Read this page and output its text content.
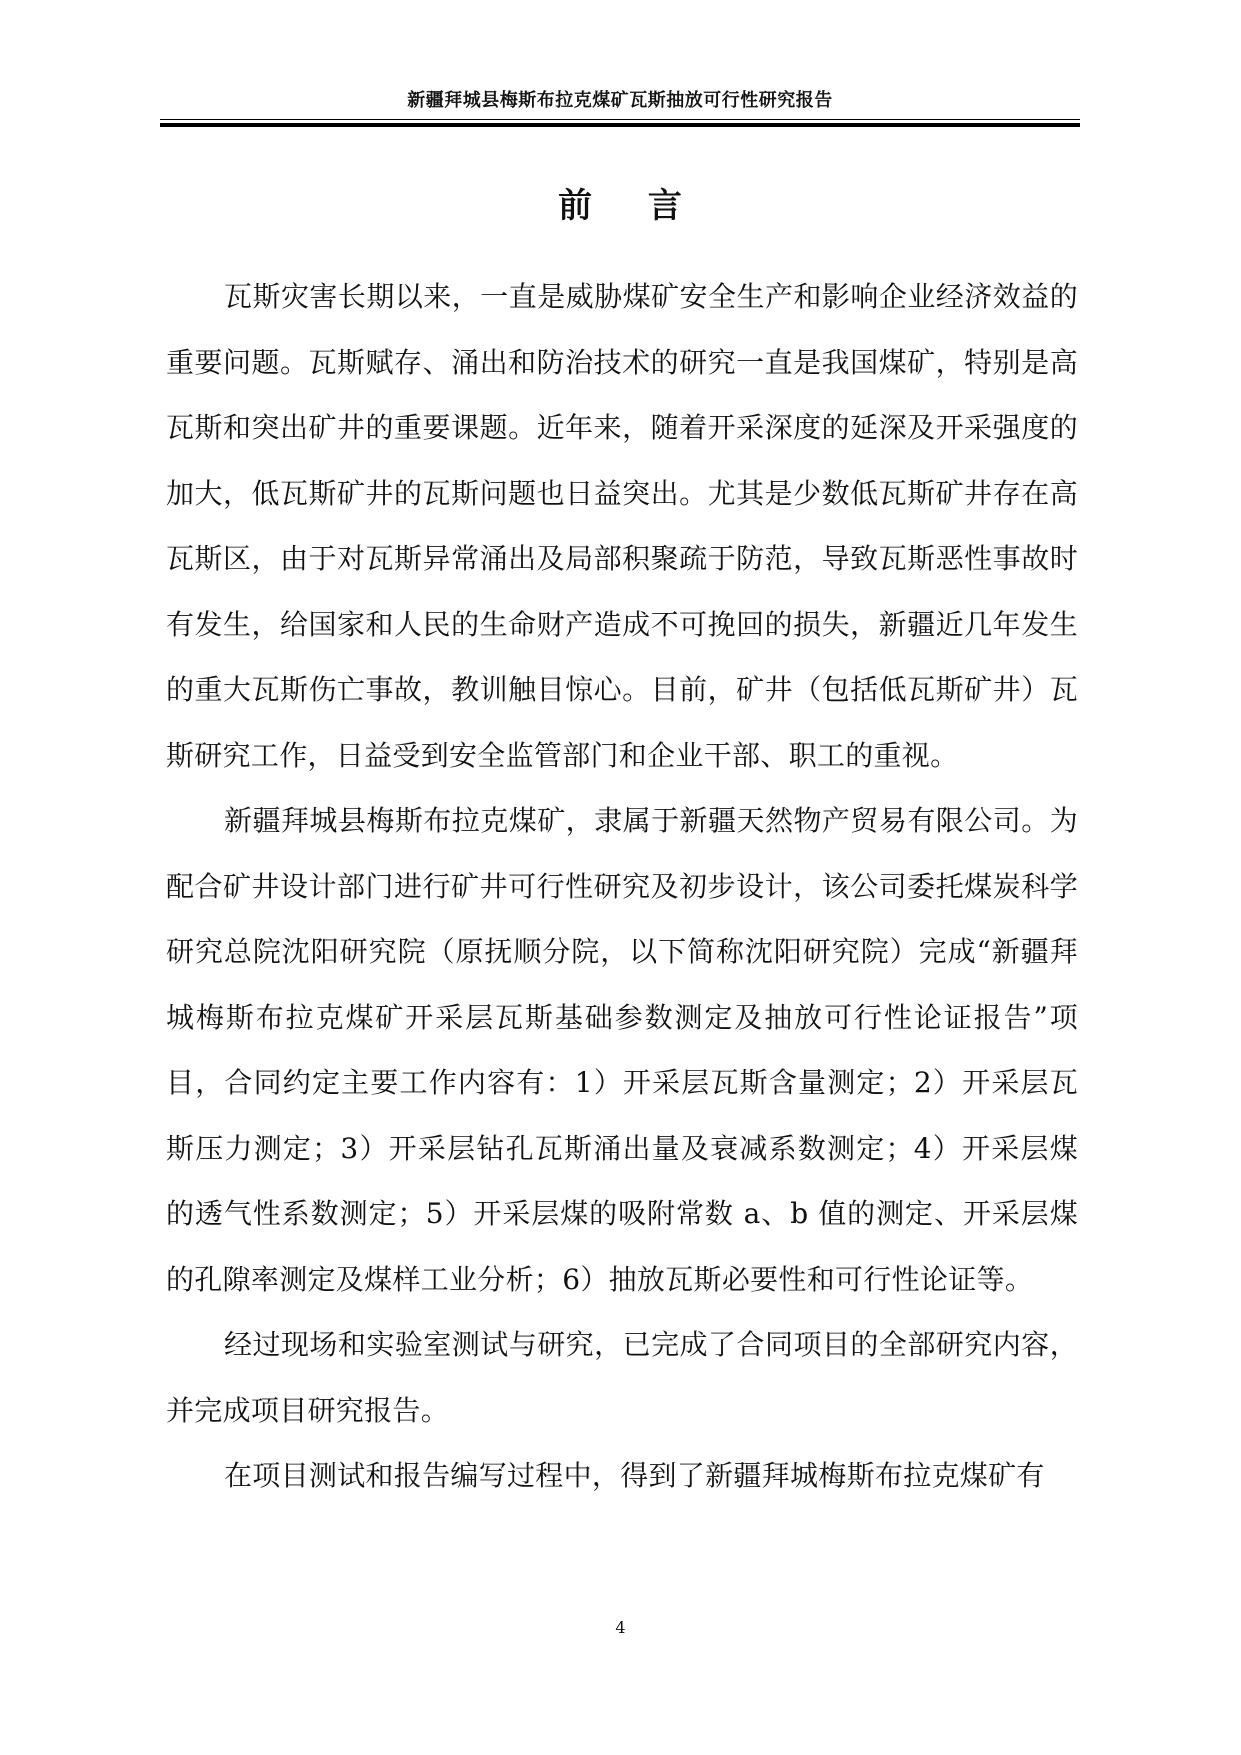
新疆拜城县梅斯布拉克煤矿瓦斯抽放可行性研究报告
前 言

瓦斯灾害长期以来，一直是威胁煤矿安全生产和影响企业经济效益的重要问题。瓦斯赋存、涌出和防治技术的研究一直是我国煤矿，特别是高瓦斯和突出矿井的重要课题。近年来，随着开采深度的延深及开采强度的加大，低瓦斯矿井的瓦斯问题也日益突出。尤其是少数低瓦斯矿井存在高瓦斯区，由于对瓦斯异常涌出及局部积聚疏于防范，导致瓦斯恶性事故时有发生，给国家和人民的生命财产造成不可挽回的损失，新疆近几年发生的重大瓦斯伤亡事故，教训触目惊心。目前，矿井（包括低瓦斯矿井）瓦斯研究工作，日益受到安全监管部门和企业干部、职工的重视。

新疆拜城县梅斯布拉克煤矿，隶属于新疆天然物产贸易有限公司。为配合矿井设计部门进行矿井可行性研究及初步设计，该公司委托煤炭科学研究总院沈阳研究院（原抚顺分院，以下简称沈阳研究院）完成“新疆拜城梅斯布拉克煤矿开采层瓦斯基础参数测定及抽放可行性论证报告”项目，合同约定主要工作内容有：1）开采层瓦斯含量测定；2）开采层瓦斯压力测定；3）开采层钻孔瓦斯涌出量及衰减系数测定；4）开采层煤的透气性系数测定；5）开采层煤的吸附常数 a、b 值的测定、开采层煤的孔隙率测定及煤样工业分析；6）抽放瓦斯必要性和可行性论证等。

经过现场和实验室测试与研究，已完成了合同项目的全部研究内容，并完成项目研究报告。

在项目测试和报告编写过程中，得到了新疆拜城梅斯布拉克煤矿有

4
